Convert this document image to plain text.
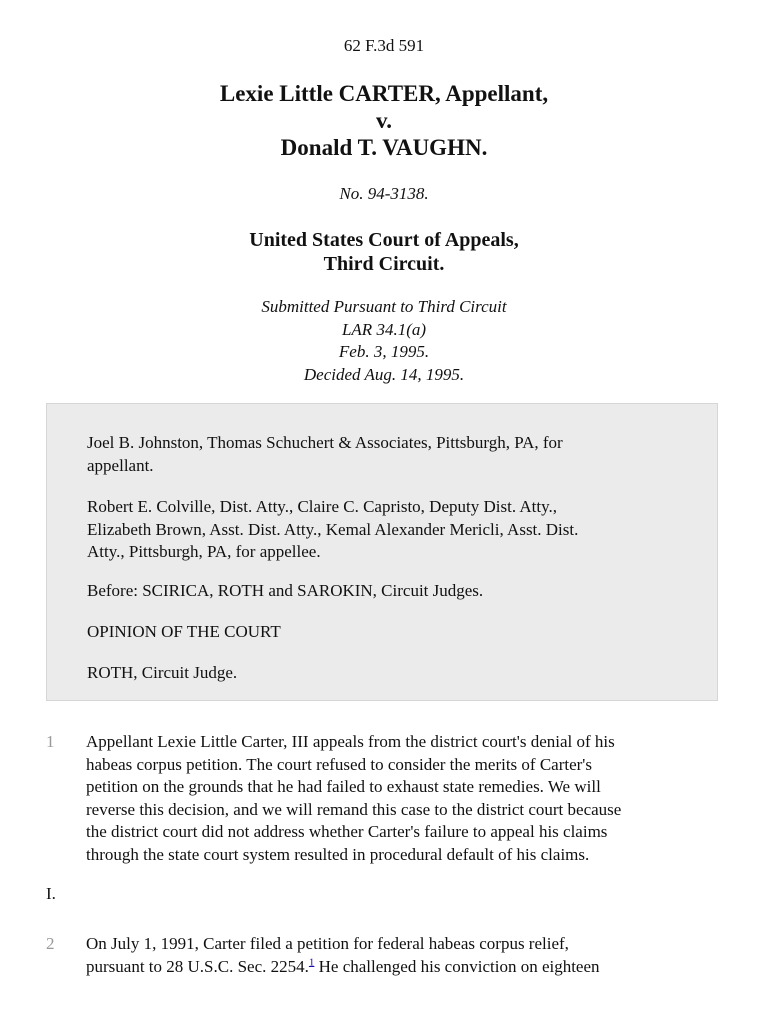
62 F.3d 591
Lexie Little CARTER, Appellant,
v.
Donald T. VAUGHN.
No. 94-3138.
United States Court of Appeals,
Third Circuit.
Submitted Pursuant to Third Circuit
LAR 34.1(a)
Feb. 3, 1995.
Decided Aug. 14, 1995.

Joel B. Johnston, Thomas Schuchert & Associates, Pittsburgh, PA, for
appellant.

Robert E. Colville, Dist. Atty., Claire C. Capristo, Deputy Dist. Atty.,
Elizabeth Brown, Asst. Dist. Atty., Kemal Alexander Mericli, Asst. Dist.
Atty., Pittsburgh, PA, for appellee.

Before: SCIRICA, ROTH and SAROKIN, Circuit Judges.

OPINION OF THE COURT

ROTH, Circuit Judge.

1	Appellant Lexie Little Carter, III appeals from the district court's denial of his
habeas corpus petition. The court refused to consider the merits of Carter's
petition on the grounds that he had failed to exhaust state remedies. We will
reverse this decision, and we will remand this case to the district court because
the district court did not address whether Carter's failure to appeal his claims
through the state court system resulted in procedural default of his claims.
I.
2	On July 1, 1991, Carter filed a petition for federal habeas corpus relief,
pursuant to 28 U.S.C. Sec. 2254.$^1$ He challenged his conviction on eighteen
